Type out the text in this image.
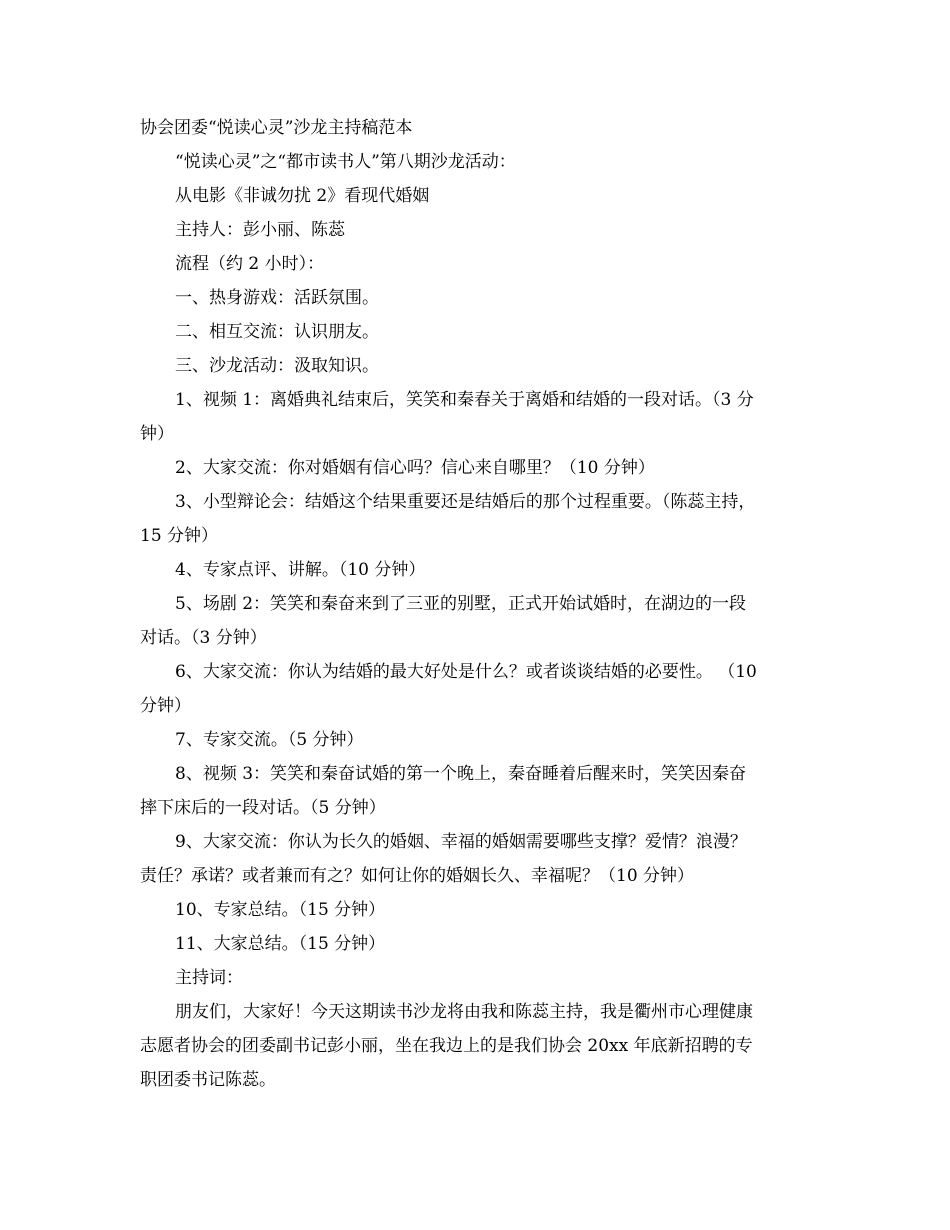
协会团委“悦读心灵”沙龙主持稿范本

“悦读心灵”之“都市读书人”第八期沙龙活动：

从电影《非诚勿扰 2》看现代婚姻

主持人：彭小丽、陈蕊

流程（约 2 小时）：

一、热身游戏：活跃氛围。

二、相互交流：认识朋友。

三、沙龙活动：汲取知识。

1、视频 1：离婚典礼结束后，笑笑和秦春关于离婚和结婚的一段对话。（3 分

钟）

2、大家交流：你对婚姻有信心吗？信心来自哪里？（10 分钟）

3、小型辩论会：结婚这个结果重要还是结婚后的那个过程重要。（陈蕊主持，

15 分钟）

4、专家点评、讲解。（10 分钟）

5、场剧 2：笑笑和秦奋来到了三亚的别墅，正式开始试婚时，在湖边的一段

对话。（3 分钟）

6、大家交流：你认为结婚的最大好处是什么？或者谈谈结婚的必要性。 （10

分钟）

7、专家交流。（5 分钟）

8、视频 3：笑笑和秦奋试婚的第一个晚上，秦奋睡着后醒来时，笑笑因秦奋

摔下床后的一段对话。（5 分钟）

9、大家交流：你认为长久的婚姻、幸福的婚姻需要哪些支撑？爱情？浪漫？

责任？承诺？或者兼而有之？如何让你的婚姻长久、幸福呢？（10 分钟）

10、专家总结。（15 分钟）

11、大家总结。（15 分钟）

主持词：

朋友们，大家好！今天这期读书沙龙将由我和陈蕊主持，我是衢州市心理健康

志愿者协会的团委副书记彭小丽，坐在我边上的是我们协会 20xx 年底新招聘的专

职团委书记陈蕊。
